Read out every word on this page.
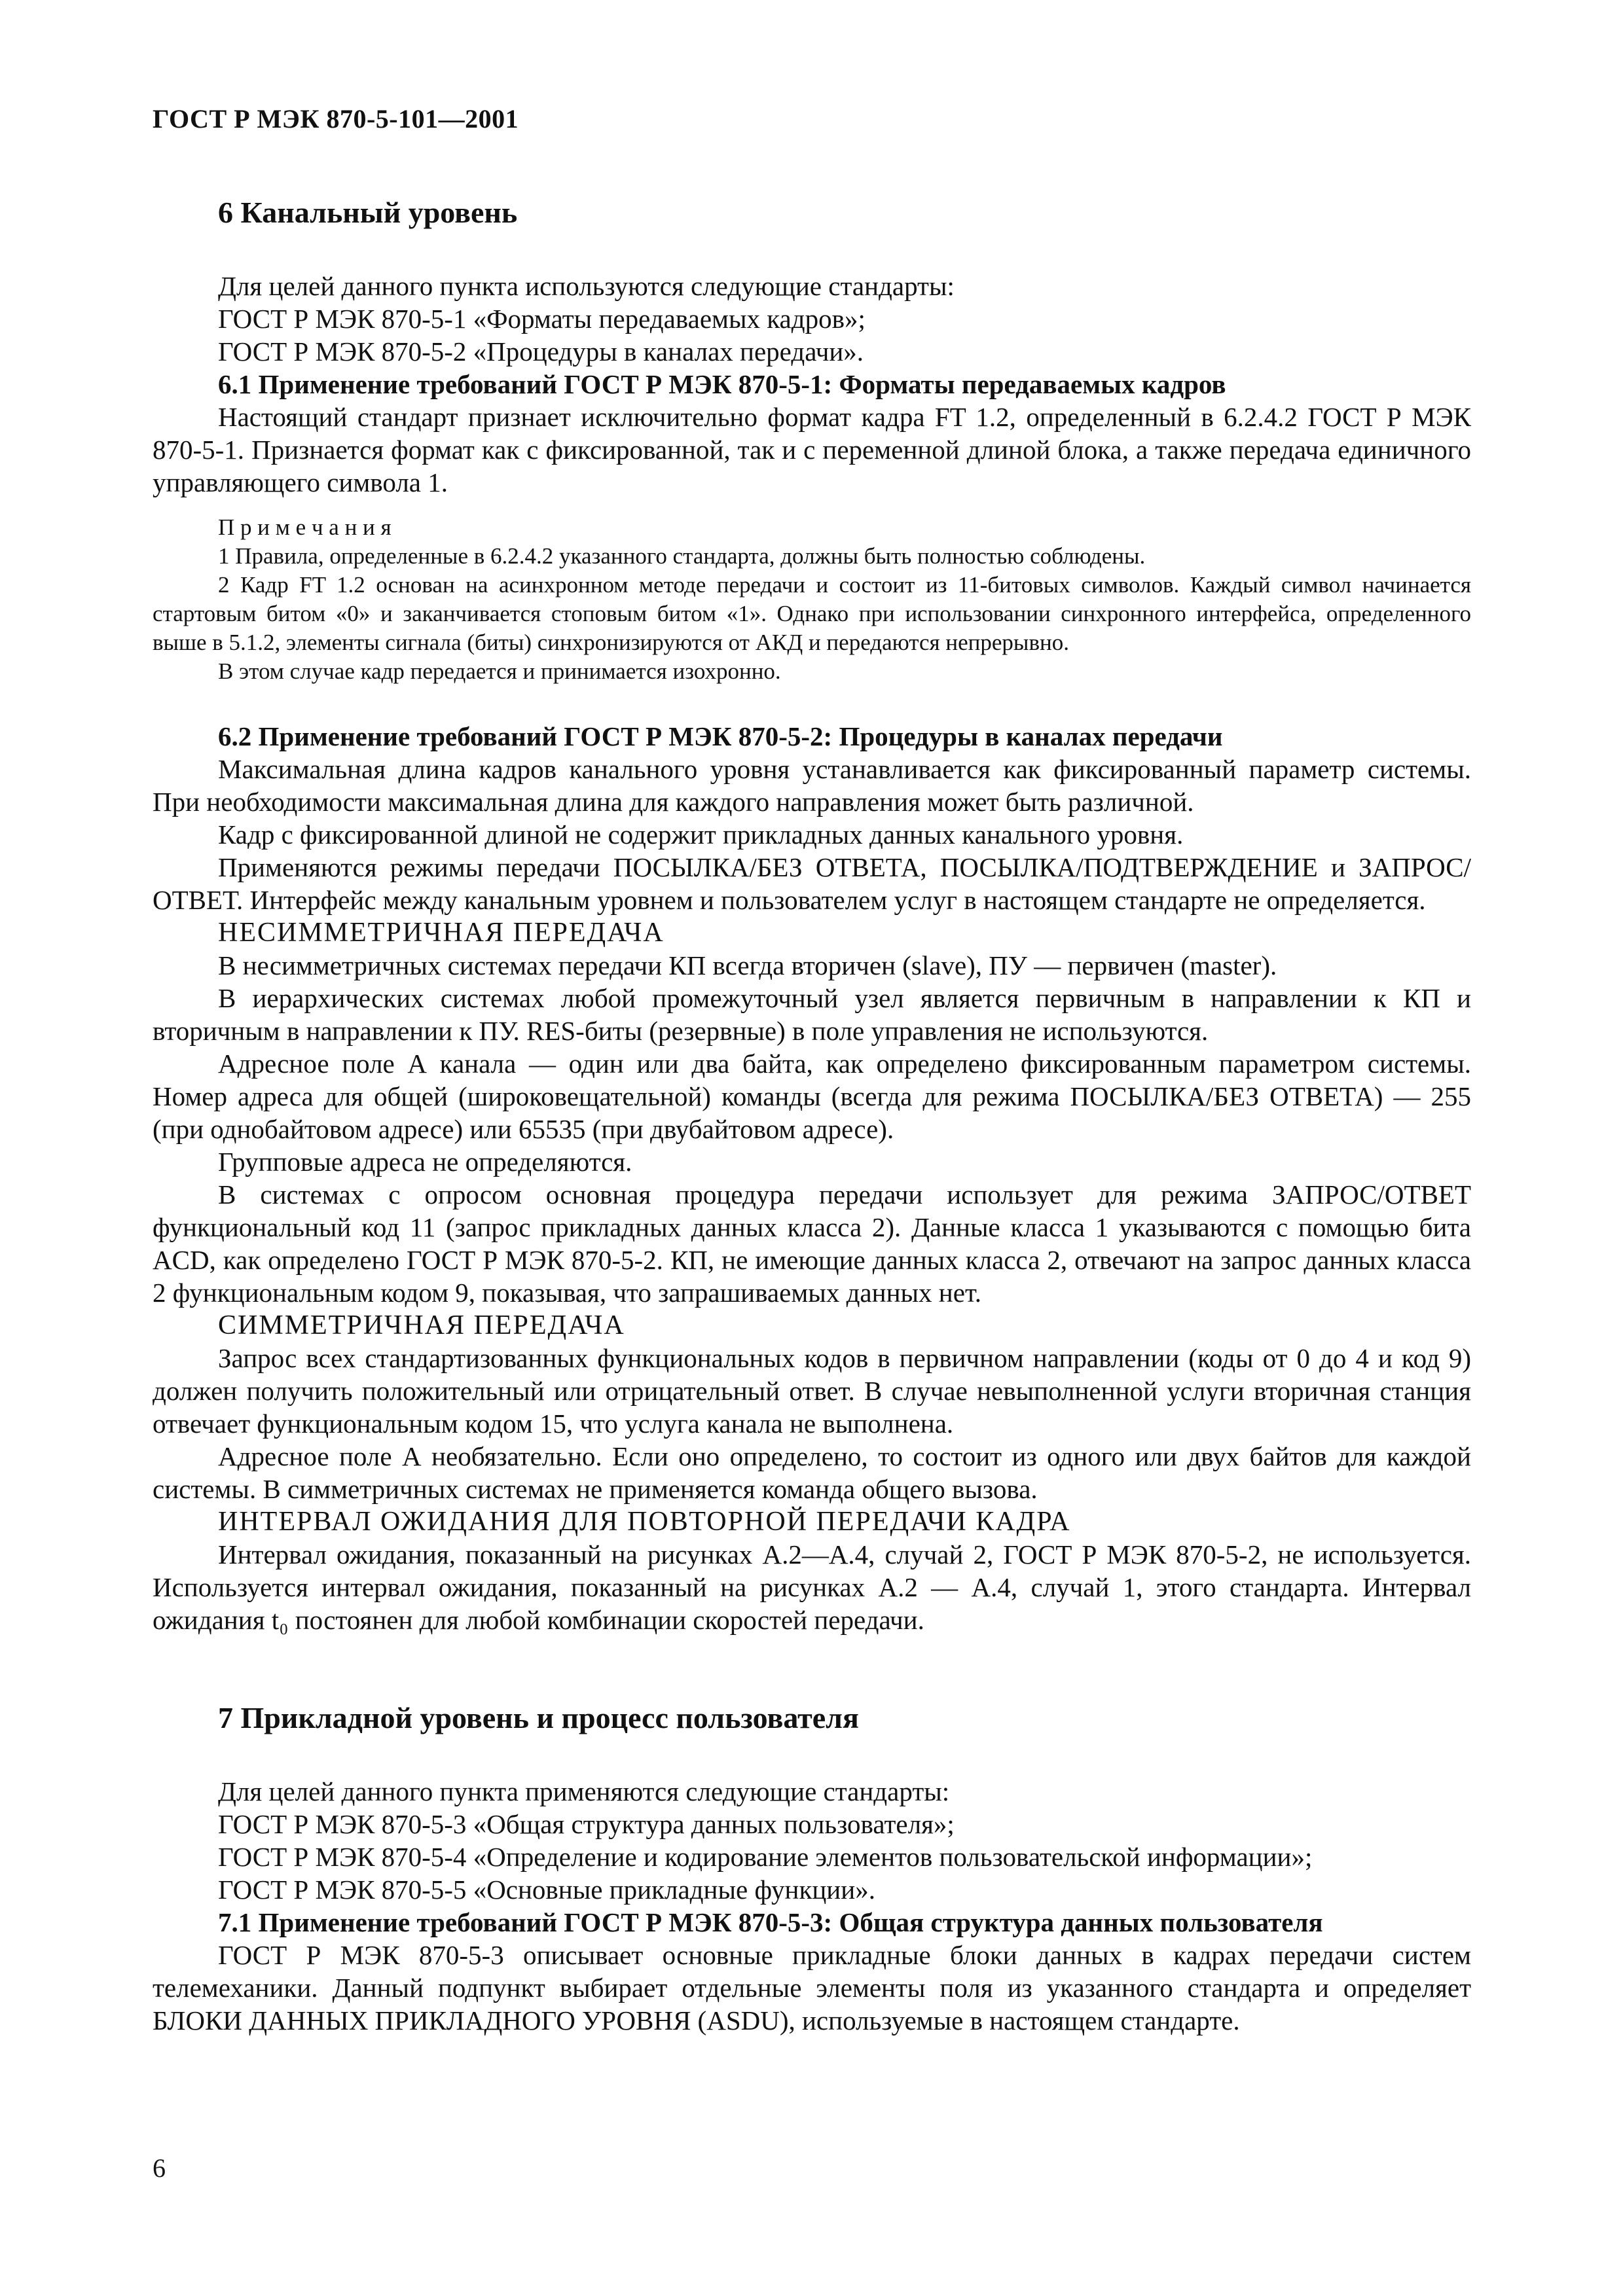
ГОСТ Р МЭК 870-5-101—2001
6 Канальный уровень
Для целей данного пункта используются следующие стандарты:
ГОСТ Р МЭК 870-5-1 «Форматы передаваемых кадров»;
ГОСТ Р МЭК 870-5-2 «Процедуры в каналах передачи».
6.1 Применение требований ГОСТ Р МЭК 870-5-1: Форматы передаваемых кадров
Настоящий стандарт признает исключительно формат кадра FT 1.2, определенный в 6.2.4.2 ГОСТ Р МЭК 870-5-1. Признается формат как с фиксированной, так и с переменной длиной блока, а также передача единичного управляющего символа 1.
П р и м е ч а н и я
1 Правила, определенные в 6.2.4.2 указанного стандарта, должны быть полностью соблюдены.
2 Кадр FT 1.2 основан на асинхронном методе передачи и состоит из 11-битовых символов. Каждый символ начинается стартовым битом «0» и заканчивается стоповым битом «1». Однако при использовании синхронного интерфейса, определенного выше в 5.1.2, элементы сигнала (биты) синхронизируются от АКД и передаются непрерывно.
В этом случае кадр передается и принимается изохронно.
6.2 Применение требований ГОСТ Р МЭК 870-5-2: Процедуры в каналах передачи
Максимальная длина кадров канального уровня устанавливается как фиксированный параметр системы. При необходимости максимальная длина для каждого направления может быть различной.
Кадр с фиксированной длиной не содержит прикладных данных канального уровня.
Применяются режимы передачи ПОСЫЛКА/БЕЗ ОТВЕТА, ПОСЫЛКА/ПОДТВЕРЖДЕНИЕ и ЗАПРОС/ОТВЕТ. Интерфейс между канальным уровнем и пользователем услуг в настоящем стандарте не определяется.
НЕСИММЕТРИЧНАЯ ПЕРЕДАЧА
В несимметричных системах передачи КП всегда вторичен (slave), ПУ — первичен (master).
В иерархических системах любой промежуточный узел является первичным в направлении к КП и вторичным в направлении к ПУ. RES-биты (резервные) в поле управления не используются.
Адресное поле А канала — один или два байта, как определено фиксированным параметром системы. Номер адреса для общей (широковещательной) команды (всегда для режима ПОСЫЛКА/БЕЗ ОТВЕТА) — 255 (при однобайтовом адресе) или 65535 (при двубайтовом адресе).
Групповые адреса не определяются.
В системах с опросом основная процедура передачи использует для режима ЗАПРОС/ОТВЕТ функциональный код 11 (запрос прикладных данных класса 2). Данные класса 1 указываются с помощью бита ACD, как определено ГОСТ Р МЭК 870-5-2. КП, не имеющие данных класса 2, отвечают на запрос данных класса 2 функциональным кодом 9, показывая, что запрашиваемых данных нет.
СИММЕТРИЧНАЯ ПЕРЕДАЧА
Запрос всех стандартизованных функциональных кодов в первичном направлении (коды от 0 до 4 и код 9) должен получить положительный или отрицательный ответ. В случае невыполненной услуги вторичная станция отвечает функциональным кодом 15, что услуга канала не выполнена.
Адресное поле А необязательно. Если оно определено, то состоит из одного или двух байтов для каждой системы. В симметричных системах не применяется команда общего вызова.
ИНТЕРВАЛ ОЖИДАНИЯ ДЛЯ ПОВТОРНОЙ ПЕРЕДАЧИ КАДРА
Интервал ожидания, показанный на рисунках А.2—А.4, случай 2, ГОСТ Р МЭК 870-5-2, не используется. Используется интервал ожидания, показанный на рисунках А.2 — А.4, случай 1, этого стандарта. Интервал ожидания t₀ постоянен для любой комбинации скоростей передачи.
7 Прикладной уровень и процесс пользователя
Для целей данного пункта применяются следующие стандарты:
ГОСТ Р МЭК 870-5-3 «Общая структура данных пользователя»;
ГОСТ Р МЭК 870-5-4 «Определение и кодирование элементов пользовательской информации»;
ГОСТ Р МЭК 870-5-5 «Основные прикладные функции».
7.1 Применение требований ГОСТ Р МЭК 870-5-3: Общая структура данных пользователя
ГОСТ Р МЭК 870-5-3 описывает основные прикладные блоки данных в кадрах передачи систем телемеханики. Данный подпункт выбирает отдельные элементы поля из указанного стандарта и определяет БЛОКИ ДАННЫХ ПРИКЛАДНОГО УРОВНЯ (ASDU), используемые в настоящем стандарте.
6
